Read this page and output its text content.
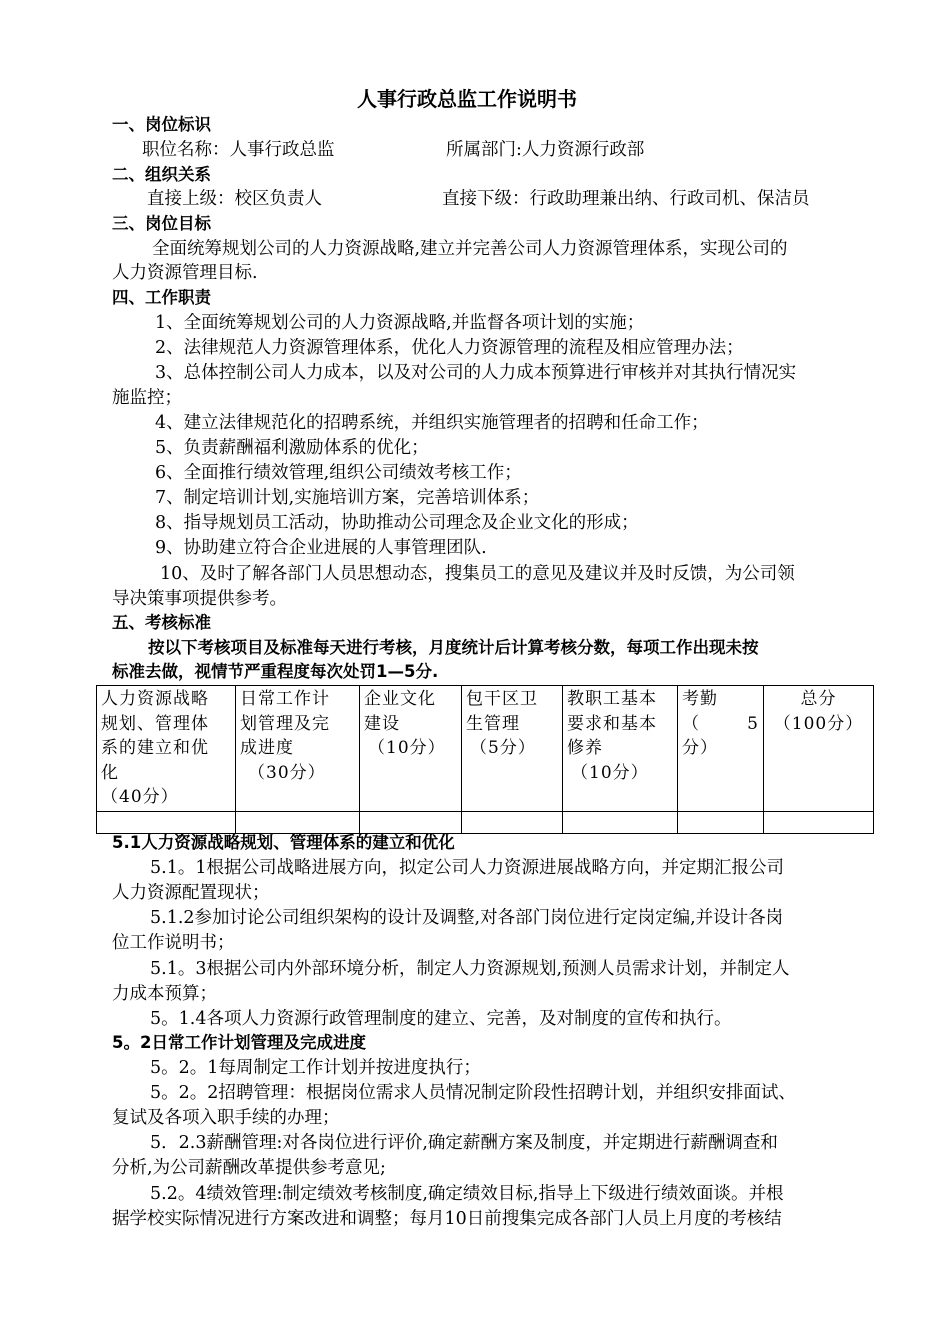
人事行政总监工作说明书
一、岗位标识
职位名称：人事行政总监	所属部门:人力资源行政部
二、组织关系
直接上级：校区负责人	直接下级：行政助理兼出纳、行政司机、保洁员
三、岗位目标
全面统筹规划公司的人力资源战略,建立并完善公司人力资源管理体系，实现公司的
人力资源管理目标.
四、工作职责
1、全面统筹规划公司的人力资源战略,并监督各项计划的实施；
2、法律规范人力资源管理体系，优化人力资源管理的流程及相应管理办法；
3、总体控制公司人力成本，以及对公司的人力成本预算进行审核并对其执行情况实
施监控；
4、建立法律规范化的招聘系统，并组织实施管理者的招聘和任命工作；
5、负责薪酬福利激励体系的优化；
6、全面推行绩效管理,组织公司绩效考核工作；
7、制定培训计划,实施培训方案，完善培训体系；
8、指导规划员工活动，协助推动公司理念及企业文化的形成；
9、协助建立符合企业进展的人事管理团队.
10、及时了解各部门人员思想动态，搜集员工的意见及建议并及时反馈，为公司领
导决策事项提供参考。
五、考核标准
按以下考核项目及标准每天进行考核，月度统计后计算考核分数，每项工作出现未按
标准去做，视情节严重程度每次处罚1—5分.
人力资源战略
规划、管理体
系的建立和优
化
（40分）	日常工作计
划管理及完
成进度
（30分）	企业文化
建设
（10分）	包干区卫
生管理
（5分）	教职工基本
要求和基本
修养
（10分）	考勤
（ 5
分）	总分
（100分）

5.1人力资源战略规划、管理体系的建立和优化
5.1。1根据公司战略进展方向，拟定公司人力资源进展战略方向，并定期汇报公司
人力资源配置现状；
5.1.2参加讨论公司组织架构的设计及调整,对各部门岗位进行定岗定编,并设计各岗
位工作说明书；
5.1。3根据公司内外部环境分析，制定人力资源规划,预测人员需求计划，并制定人
力成本预算；
5。1.4各项人力资源行政管理制度的建立、完善，及对制度的宣传和执行。
5。2日常工作计划管理及完成进度
5。2。1每周制定工作计划并按进度执行；
5。2。2招聘管理：根据岗位需求人员情况制定阶段性招聘计划，并组织安排面试、
复试及各项入职手续的办理；
5．2.3薪酬管理:对各岗位进行评价,确定薪酬方案及制度，并定期进行薪酬调查和
分析,为公司薪酬改革提供参考意见;
5.2。4绩效管理:制定绩效考核制度,确定绩效目标,指导上下级进行绩效面谈。并根
据学校实际情况进行方案改进和调整；每月10日前搜集完成各部门人员上月度的考核结
